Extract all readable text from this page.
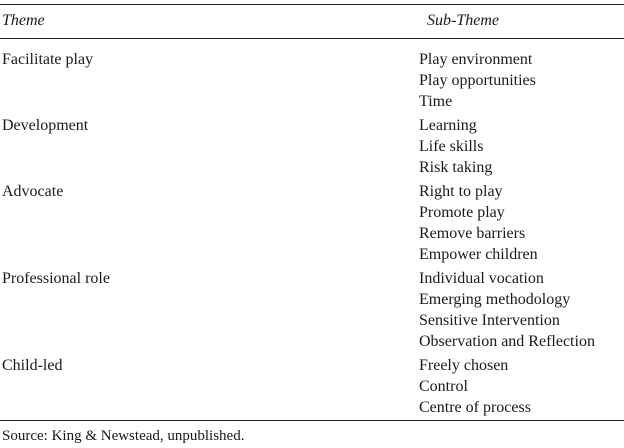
Theme	Sub-Theme
Facilitate play	Play environment
Play opportunities
Time
Development	Learning
Life skills
Risk taking
Advocate	Right to play
Promote play
Remove barriers
Empower children
Professional role	Individual vocation
Emerging methodology
Sensitive Intervention
Observation and Reflection
Child-led	Freely chosen
Control
Centre of process
Source: King & Newstead, unpublished.
